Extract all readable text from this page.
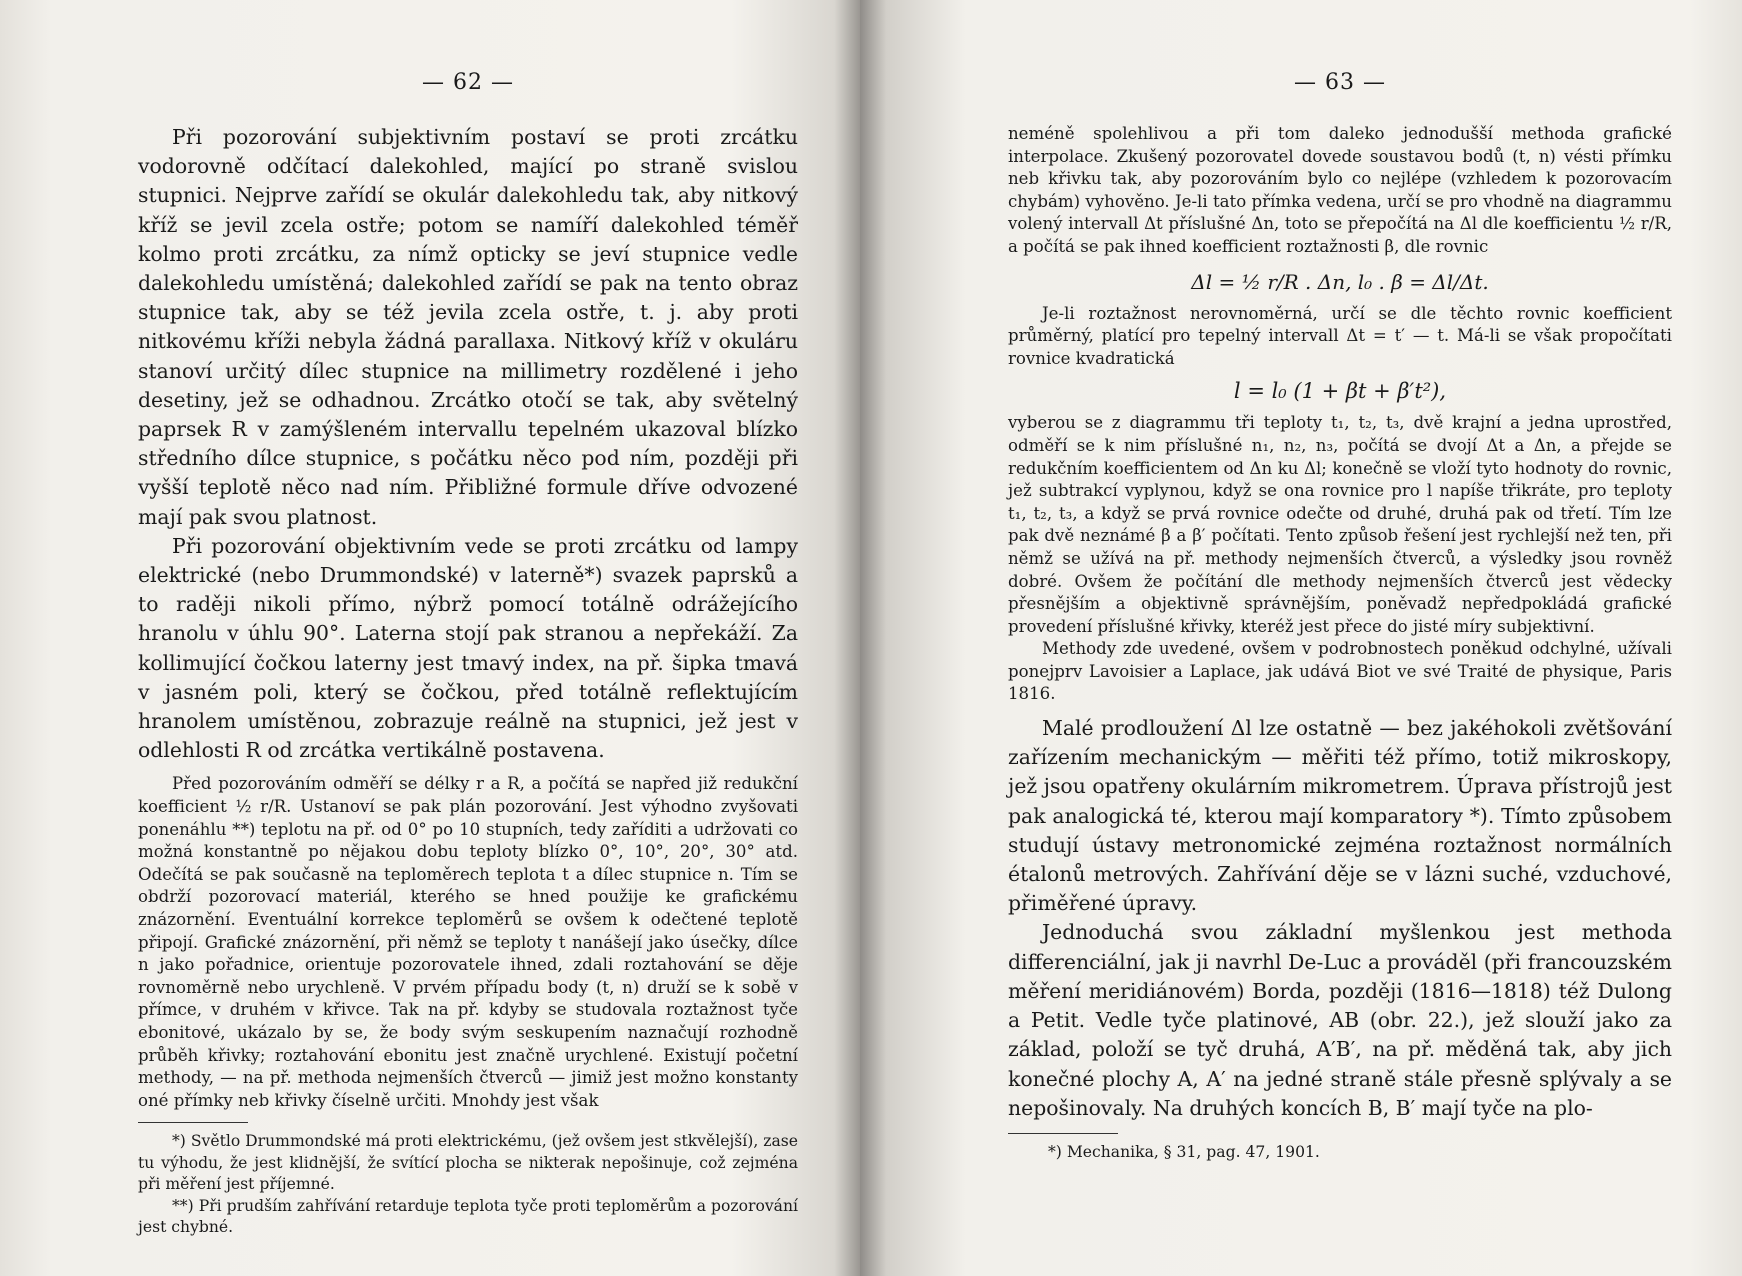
— 62 —

Při pozorování subjektivním postaví se proti zrcátku vodorovně odčítací dalekohled, mající po straně svislou stupnici. Nejprve zařídí se okulár dalekohledu tak, aby nitkový kříž se jevil zcela ostře; potom se namíří dalekohled téměř kolmo proti zrcátku, za nímž opticky se jeví stupnice vedle dalekohledu umístěná; dalekohled zařídí se pak na tento obraz stupnice tak, aby se též jevila zcela ostře, t. j. aby proti nitkovému kříži nebyla žádná parallaxa. Nitkový kříž v okuláru stanoví určitý dílec stupnice na millimetry rozdělené i jeho desetiny, jež se odhadnou. Zrcátko otočí se tak, aby světelný paprsek R v zamýšleném intervallu tepelném ukazoval blízko středního dílce stupnice, s počátku něco pod ním, později při vyšší teplotě něco nad ním. Přibližné formule dříve odvozené mají pak svou platnost.

Při pozorování objektivním vede se proti zrcátku od lampy elektrické (nebo Drummondské) v laterně*) svazek paprsků a to raději nikoli přímo, nýbrž pomocí totálně odrážejícího hranolu v úhlu 90°. Laterna stojí pak stranou a nepřekáží. Za kollimující čočkou laterny jest tmavý index, na př. šipka tmavá v jasném poli, který se čočkou, před totálně reflektujícím hranolem umístěnou, zobrazuje reálně na stupnici, jež jest v odlehlosti R od zrcátka vertikálně postavena.

Před pozorováním odměří se délky r a R, a počítá se napřed již redukční koefficient ½ r/R. Ustanoví se pak plán pozorování. Jest výhodno zvyšovati ponenáhlu **) teplotu na př. od 0° po 10 stupních, tedy zaříditi a udržovati co možná konstantně po nějakou dobu teploty blízko 0°, 10°, 20°, 30° atd. Odečítá se pak současně na teploměrech teplota t a dílec stupnice n. Tím se obdrží pozorovací materiál, kterého se hned použije ke grafickému znázornění. Eventuální korrekce teploměrů se ovšem k odečtené teplotě připojí. Grafické znázornění, při němž se teploty t nanášejí jako úsečky, dílce n jako pořadnice, orientuje pozorovatele ihned, zdali roztahování se děje rovnoměrně nebo urychleně. V prvém případu body (t, n) druží se k sobě v přímce, v druhém v křivce. Tak na př. kdyby se studovala roztažnost tyče ebonitové, ukázalo by se, že body svým seskupením naznačují rozhodně průběh křivky; roztahování ebonitu jest značně urychlené. Existují početní methody, — na př. methoda nejmenších čtverců — jimiž jest možno konstanty oné přímky neb křivky číselně určiti. Mnohdy jest však

*) Světlo Drummondské má proti elektrickému, (jež ovšem jest stkvělejší), zase tu výhodu, že jest klidnější, že svítící plocha se nikterak nepošinuje, což zejména při měření jest příjemné.

**) Při prudším zahřívání retarduje teplota tyče proti teploměrům a pozorování jest chybné.

— 63 —

neméně spolehlivou a při tom daleko jednodušší methoda grafické interpolace. Zkušený pozorovatel dovede soustavou bodů (t, n) vésti přímku neb křivku tak, aby pozorováním bylo co nejlépe (vzhledem k pozorovacím chybám) vyhověno. Je-li tato přímka vedena, určí se pro vhodně na diagrammu volený intervall Δt příslušné Δn, toto se přepočítá na Δl dle koefficientu ½ r/R, a počítá se pak ihned koefficient roztažnosti β, dle rovnic

Δl = ½ r/R . Δn, l₀ . β = Δl/Δt.

Je-li roztažnost nerovnoměrná, určí se dle těchto rovnic koefficient průměrný, platící pro tepelný intervall Δt = t′ — t. Má-li se však propočítati rovnice kvadratická

l = l₀ (1 + βt + β′t²),

vyberou se z diagrammu tři teploty t₁, t₂, t₃, dvě krajní a jedna uprostřed, odměří se k nim příslušné n₁, n₂, n₃, počítá se dvojí Δt a Δn, a přejde se redukčním koefficientem od Δn ku Δl; konečně se vloží tyto hodnoty do rovnic, jež subtrakcí vyplynou, když se ona rovnice pro l napíše třikráte, pro teploty t₁, t₂, t₃, a když se prvá rovnice odečte od druhé, druhá pak od třetí. Tím lze pak dvě neznámé β a β′ počítati. Tento způsob řešení jest rychlejší než ten, při němž se užívá na př. methody nejmenších čtverců, a výsledky jsou rovněž dobré. Ovšem že počítání dle methody nejmenších čtverců jest vědecky přesnějším a objektivně správnějším, poněvadž nepředpokládá grafické provedení příslušné křivky, kteréž jest přece do jisté míry subjektivní.

Methody zde uvedené, ovšem v podrobnostech poněkud odchylné, užívali ponejprv Lavoisier a Laplace, jak udává Biot ve své Traité de physique, Paris 1816.

Malé prodloužení Δl lze ostatně — bez jakéhokoli zvětšování zařízením mechanickým — měřiti též přímo, totiž mikroskopy, jež jsou opatřeny okulárním mikrometrem. Úprava přístrojů jest pak analogická té, kterou mají komparatory *). Tímto způsobem studují ústavy metronomické zejména roztažnost normálních étalonů metrových. Zahřívání děje se v lázni suché, vzduchové, přiměřené úpravy.

Jednoduchá svou základní myšlenkou jest methoda differenciální, jak ji navrhl De-Luc a prováděl (při francouzském měření meridiánovém) Borda, později (1816—1818) též Dulong a Petit. Vedle tyče platinové, AB (obr. 22.), jež slouží jako za základ, položí se tyč druhá, A′B′, na př. měděná tak, aby jich konečné plochy A, A′ na jedné straně stále přesně splývaly a se nepošinovaly. Na druhých koncích B, B′ mají tyče na plo-

*) Mechanika, § 31, pag. 47, 1901.
